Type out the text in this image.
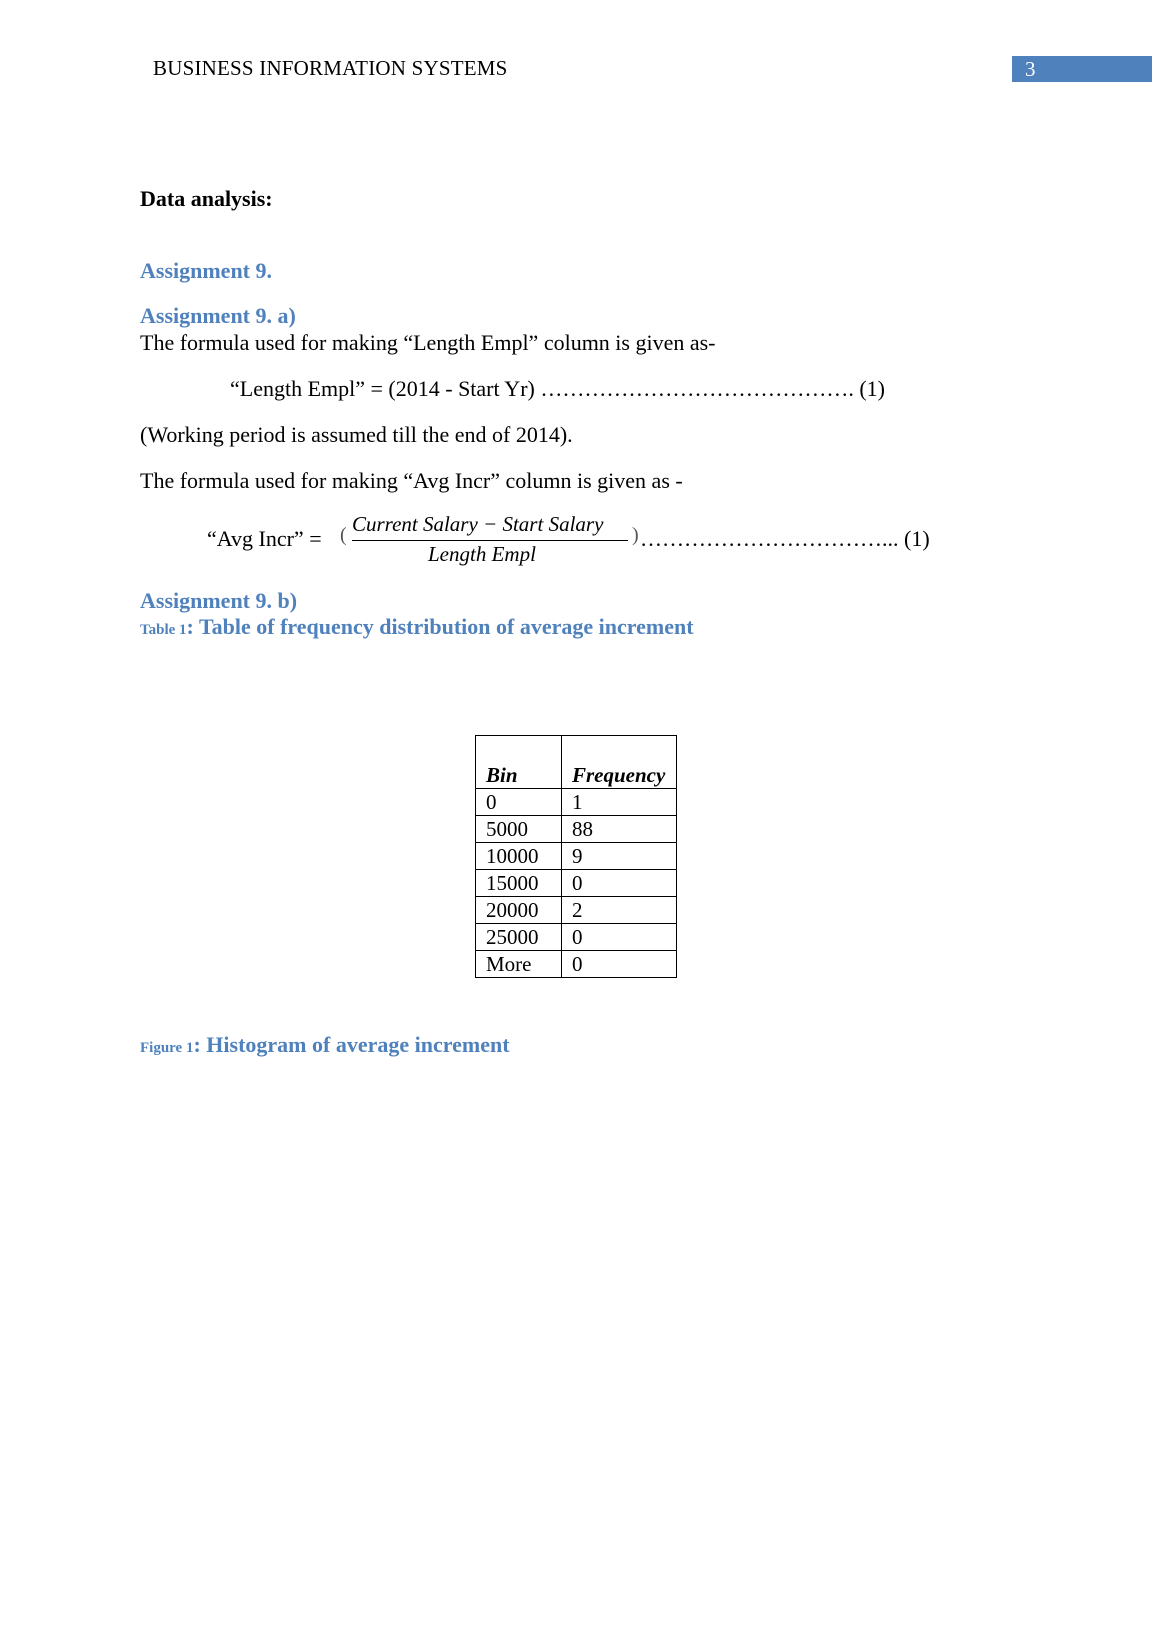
BUSINESS INFORMATION SYSTEMS	3
Data analysis:
Assignment 9.
Assignment 9. a)
The formula used for making “Length Empl” column is given as-
“Length Empl” = (2014 - Start Yr) ……………………………………. (1)
(Working period is assumed till the end of 2014).
The formula used for making “Avg Incr” column is given as -
“Avg Incr” = ( Current Salary − Start Salary
Length Empl
) ……………………………... (1)
Assignment 9. b)
Table 1: Table of frequency distribution of average increment
Bin	Frequency
0	1
5000	88
10000	9
15000	0
20000	2
25000	0
More	0
Figure 1: Histogram of average increment
